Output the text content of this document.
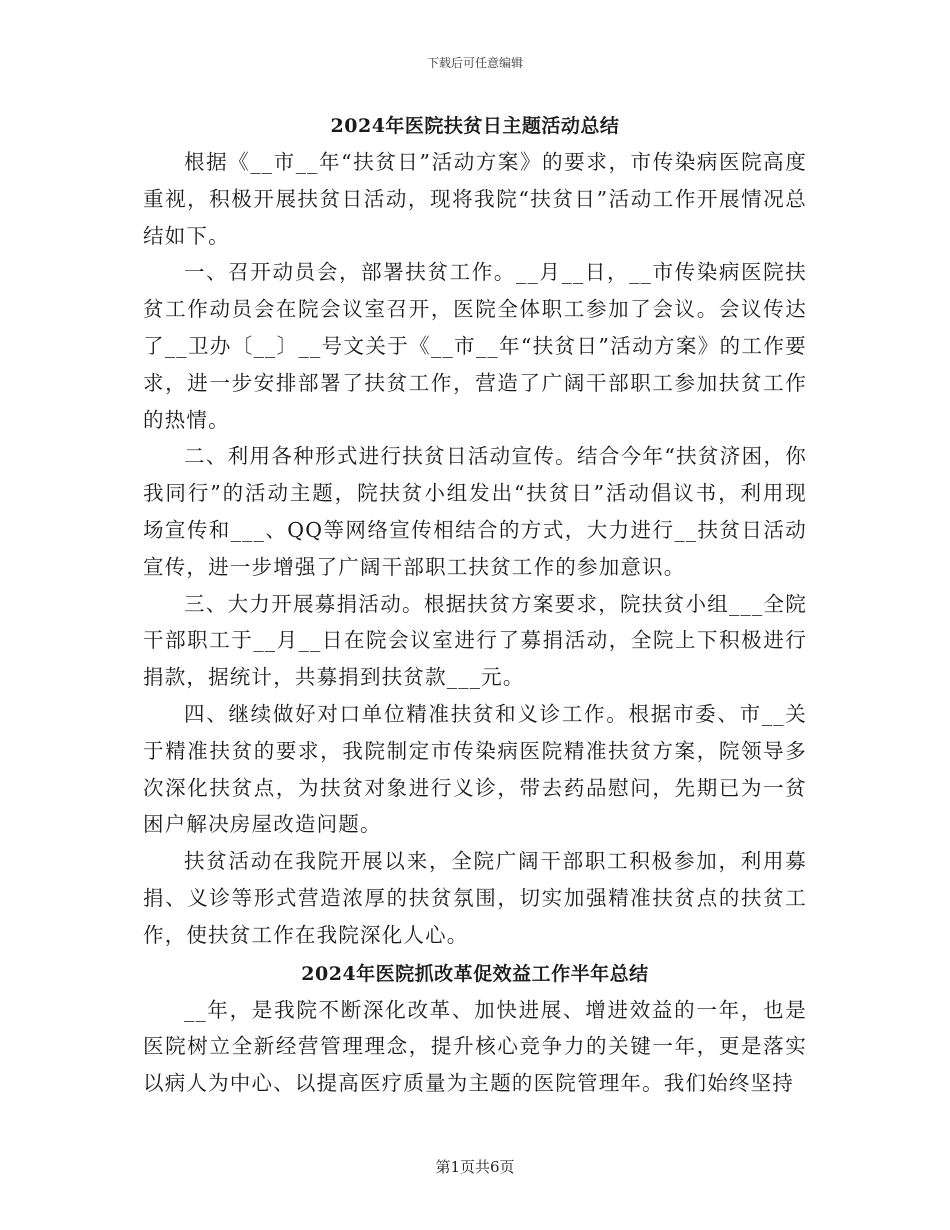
下载后可任意编辑
2024年医院扶贫日主题活动总结

根据《__市__年“扶贫日”活动方案》的要求，市传染病医院高度重视，积极开展扶贫日活动，现将我院“扶贫日”活动工作开展情况总结如下。

一、召开动员会，部署扶贫工作。__月__日，__市传染病医院扶贫工作动员会在院会议室召开，医院全体职工参加了会议。会议传达了__卫办〔__〕__号文关于《__市__年“扶贫日”活动方案》的工作要求，进一步安排部署了扶贫工作，营造了广阔干部职工参加扶贫工作的热情。

二、利用各种形式进行扶贫日活动宣传。结合今年“扶贫济困，你我同行”的活动主题，院扶贫小组发出“扶贫日”活动倡议书，利用现场宣传和___、QQ等网络宣传相结合的方式，大力进行__扶贫日活动宣传，进一步增强了广阔干部职工扶贫工作的参加意识。

三、大力开展募捐活动。根据扶贫方案要求，院扶贫小组___全院干部职工于__月__日在院会议室进行了募捐活动，全院上下积极进行捐款，据统计，共募捐到扶贫款___元。

四、继续做好对口单位精准扶贫和义诊工作。根据市委、市__关于精准扶贫的要求，我院制定市传染病医院精准扶贫方案，院领导多次深化扶贫点，为扶贫对象进行义诊，带去药品慰问，先期已为一贫困户解决房屋改造问题。

扶贫活动在我院开展以来，全院广阔干部职工积极参加，利用募捐、义诊等形式营造浓厚的扶贫氛围，切实加强精准扶贫点的扶贫工作，使扶贫工作在我院深化人心。

2024年医院抓改革促效益工作半年总结

__年，是我院不断深化改革、加快进展、增进效益的一年，也是医院树立全新经营管理理念，提升核心竞争力的关键一年，更是落实以病人为中心、以提高医疗质量为主题的医院管理年。我们始终坚持

第1页共6页
